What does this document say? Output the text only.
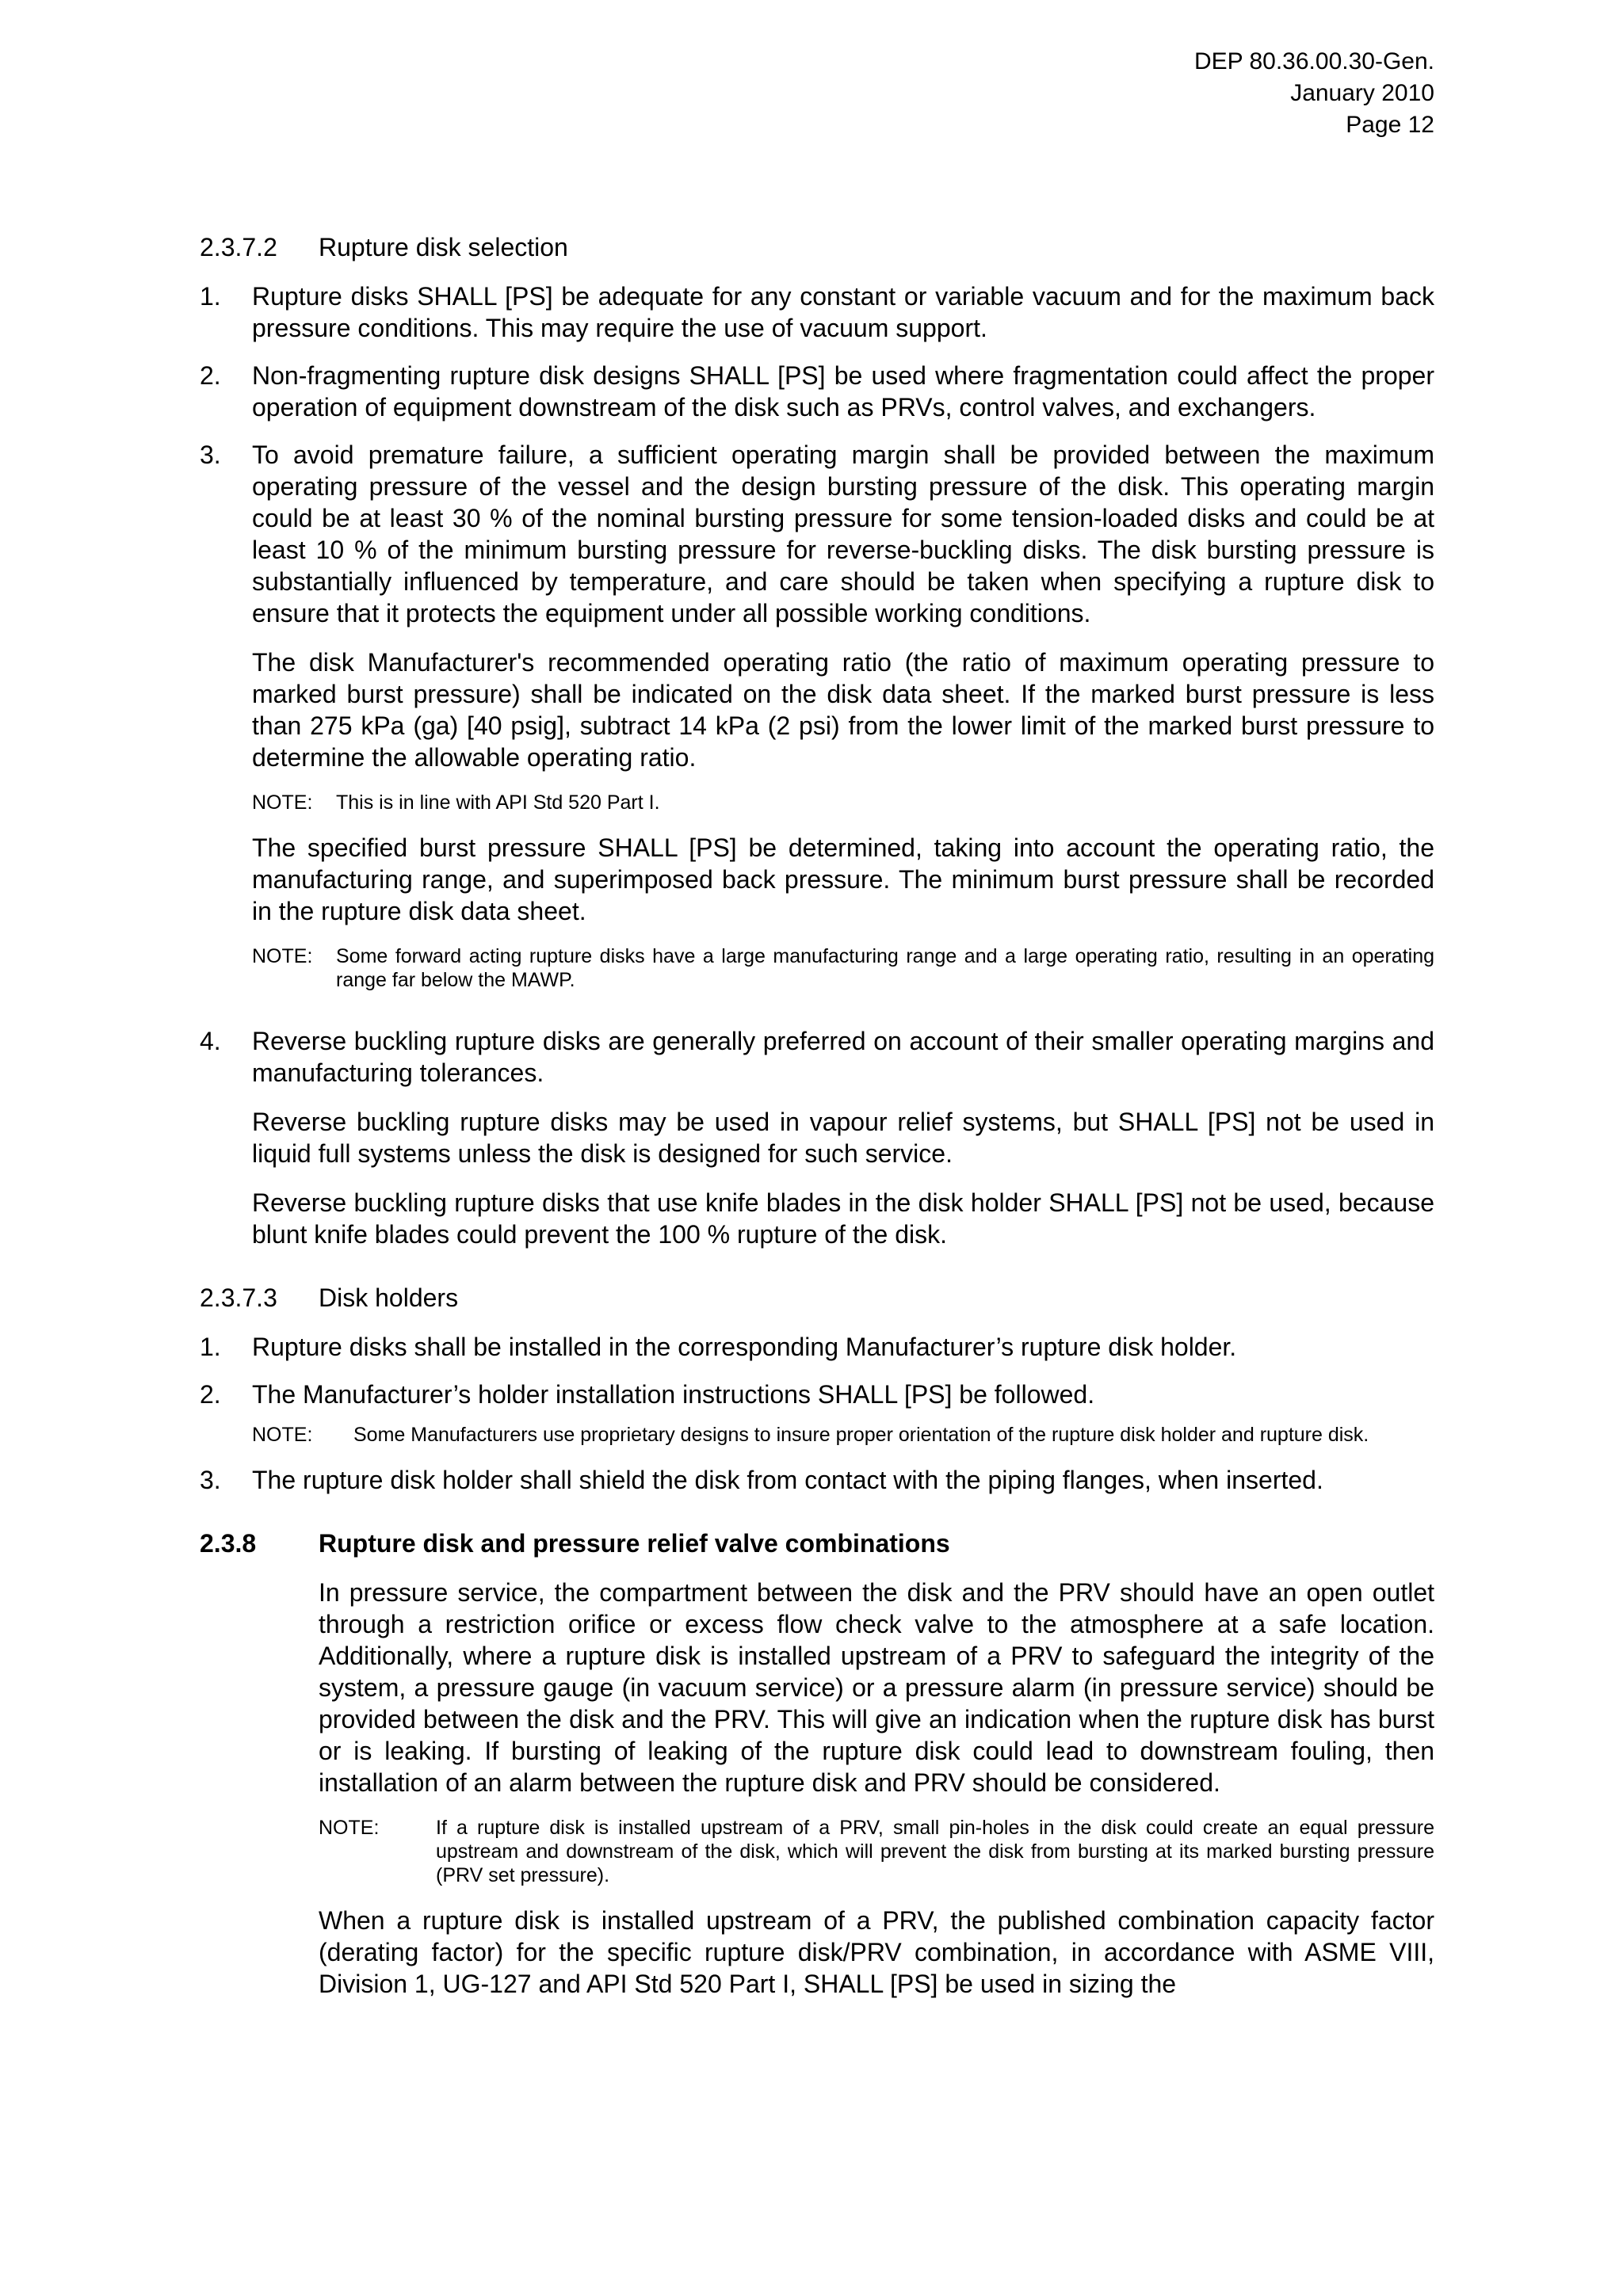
DEP 80.36.00.30-Gen.
January 2010
Page 12
2.3.7.2	Rupture disk selection
1.	Rupture disks SHALL [PS] be adequate for any constant or variable vacuum and for the maximum back pressure conditions. This may require the use of vacuum support.

2.	Non-fragmenting rupture disk designs SHALL [PS] be used where fragmentation could affect the proper operation of equipment downstream of the disk such as PRVs, control valves, and exchangers.

3.	To avoid premature failure, a sufficient operating margin shall be provided between the maximum operating pressure of the vessel and the design bursting pressure of the disk. This operating margin could be at least 30 % of the nominal bursting pressure for some tension-loaded disks and could be at least 10 % of the minimum bursting pressure for reverse-buckling disks. The disk bursting pressure is substantially influenced by temperature, and care should be taken when specifying a rupture disk to ensure that it protects the equipment under all possible working conditions.

The disk Manufacturer's recommended operating ratio (the ratio of maximum operating pressure to marked burst pressure) shall be indicated on the disk data sheet. If the marked burst pressure is less than 275 kPa (ga) [40 psig], subtract 14 kPa (2 psi) from the lower limit of the marked burst pressure to determine the allowable operating ratio.

NOTE:	This is in line with API Std 520 Part I.

The specified burst pressure SHALL [PS] be determined, taking into account the operating ratio, the manufacturing range, and superimposed back pressure. The minimum burst pressure shall be recorded in the rupture disk data sheet.

NOTE:	Some forward acting rupture disks have a large manufacturing range and a large operating ratio, resulting in an operating range far below the MAWP.
4.	Reverse buckling rupture disks are generally preferred on account of their smaller operating margins and manufacturing tolerances.

Reverse buckling rupture disks may be used in vapour relief systems, but SHALL [PS] not be used in liquid full systems unless the disk is designed for such service.

Reverse buckling rupture disks that use knife blades in the disk holder SHALL [PS] not be used, because blunt knife blades could prevent the 100 % rupture of the disk.

2.3.7.3	Disk holders
1.	Rupture disks shall be installed in the corresponding Manufacturer’s rupture disk holder.

2.	The Manufacturer’s holder installation instructions SHALL [PS] be followed.

NOTE:	Some Manufacturers use proprietary designs to insure proper orientation of the rupture disk holder and rupture disk.
3.	The rupture disk holder shall shield the disk from contact with the piping flanges, when inserted.

2.3.8	Rupture disk and pressure relief valve combinations

In pressure service, the compartment between the disk and the PRV should have an open outlet through a restriction orifice or excess flow check valve to the atmosphere at a safe location. Additionally, where a rupture disk is installed upstream of a PRV to safeguard the integrity of the system, a pressure gauge (in vacuum service) or a pressure alarm (in pressure service) should be provided between the disk and the PRV. This will give an indication when the rupture disk has burst or is leaking. If bursting of leaking of the rupture disk could lead to downstream fouling, then installation of an alarm between the rupture disk and PRV should be considered.

NOTE:	If a rupture disk is installed upstream of a PRV, small pin-holes in the disk could create an equal pressure upstream and downstream of the disk, which will prevent the disk from bursting at its marked bursting pressure (PRV set pressure).

When a rupture disk is installed upstream of a PRV, the published combination capacity factor (derating factor) for the specific rupture disk/PRV combination, in accordance with ASME VIII, Division 1, UG-127 and API Std 520 Part I, SHALL [PS] be used in sizing the
